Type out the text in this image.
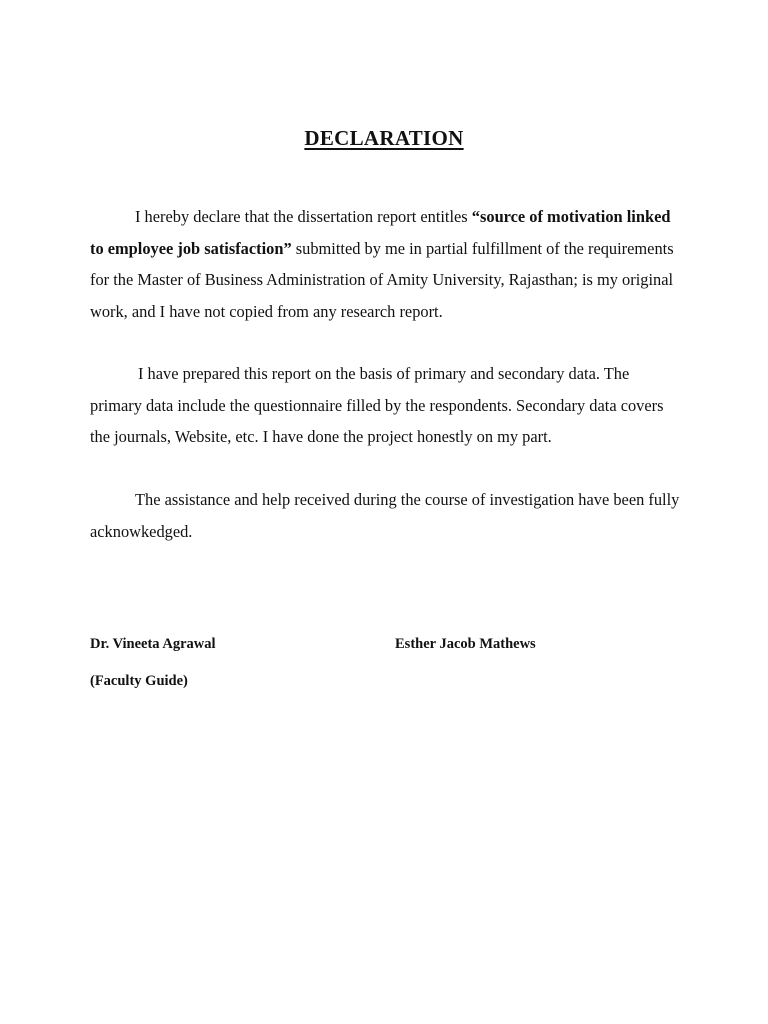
DECLARATION

I hereby declare that the dissertation report entitles “source of motivation linked to employee job satisfaction” submitted by me in partial fulfillment of the requirements for the Master of Business Administration of Amity University, Rajasthan; is my original work, and I have not copied from any research report.

I have prepared this report on the basis of primary and secondary data. The primary data include the questionnaire filled by the respondents. Secondary data covers the journals, Website, etc. I have done the project honestly on my part.

The assistance and help received during the course of investigation have been fully acknowkedged.

Dr. Vineeta Agrawal

(Faculty Guide)

Esther Jacob Mathews
